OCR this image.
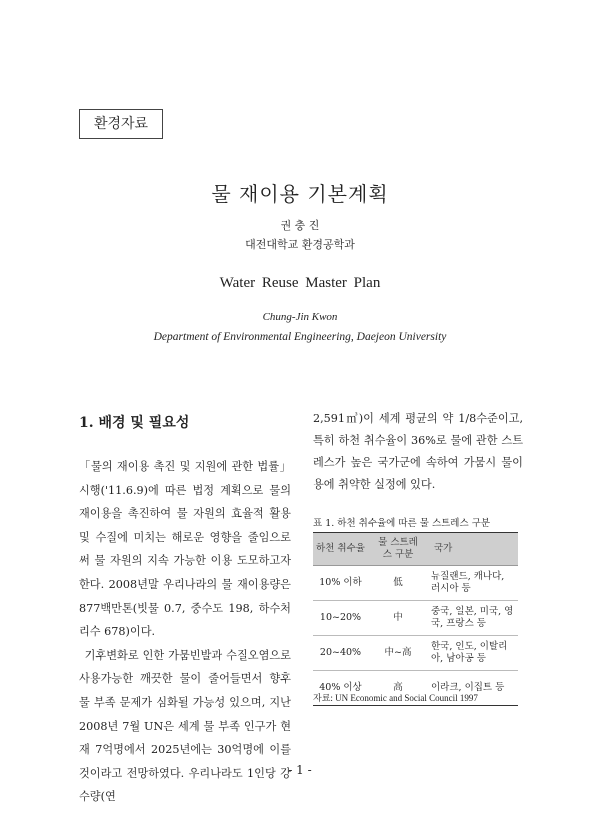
환경자료
물 재이용 기본계획
권 충 진
대전대학교 환경공학과
Water Reuse Master Plan
Chung-Jin Kwon
Department of Environmental Engineering, Daejeon University
1. 배경 및 필요성

「물의 재이용 촉진 및 지원에 관한 법률」 시행('11.6.9)에 따른 법정 계획으로 물의 재이용을 촉진하여 물 자원의 효율적 활용 및 수질에 미치는 해로운 영향을 줄임으로써 물 자원의 지속 가능한 이용 도모하고자 한다. 2008년말 우리나라의 물 재이용량은 877백만톤(빗물 0.7, 중수도 198, 하수처리수 678)이다.

기후변화로 인한 가뭄빈발과 수질오염으로 사용가능한 깨끗한 물이 줄어들면서 향후 물 부족 문제가 심화될 가능성 있으며, 지난 2008년 7월 UN은 세계 물 부족 인구가 현재 7억명에서 2025년에는 30억명에 이를 것이라고 전망하였다. 우리나라도 1인당 강수량(연

2,591㎥)이 세계 평균의 약 1/8수준이고, 특히 하천 취수율이 36%로 물에 관한 스트레스가 높은 국가군에 속하여 가뭄시 물이용에 취약한 실정에 있다.

표 1. 하천 취수율에 따른 물 스트레스 구분
하천 취수율	물 스트레스 구분	국가
10% 이하	低	뉴질랜드, 캐나다, 러시아 등
10~20%	中	중국, 일본, 미국, 영국, 프랑스 등
20~40%	中~高	한국, 인도, 이탈리아, 남아공 등
40% 이상	高	이라크, 이집트 등
자료: UN Economic and Social Council 1997
- 1 -
